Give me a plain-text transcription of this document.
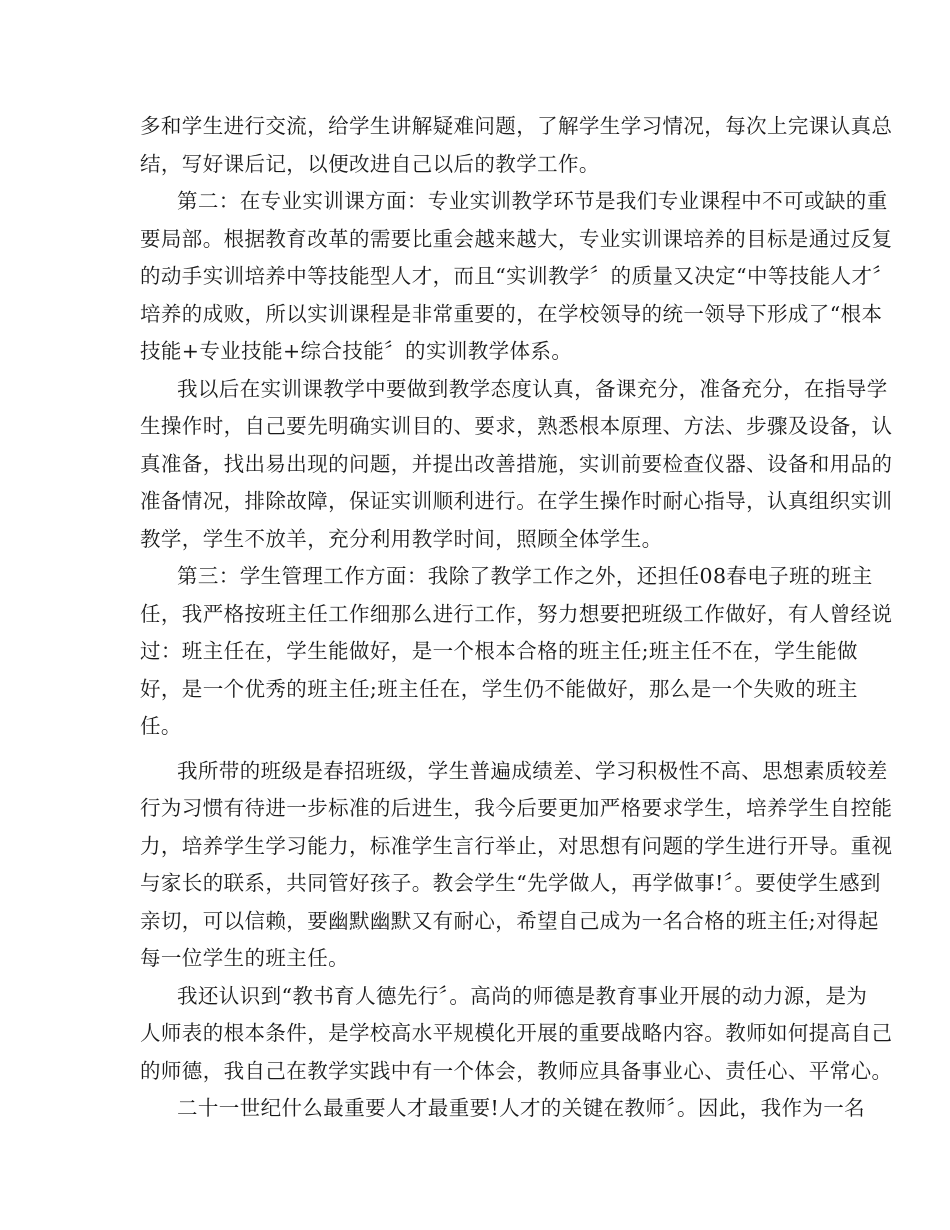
多和学生进行交流，给学生讲解疑难问题，了解学生学习情况，每次上完课认真总
结，写好课后记，以便改进自己以后的教学工作。
第二：在专业实训课方面：专业实训教学环节是我们专业课程中不可或缺的重
要局部。根据教育改革的需要比重会越来越大，专业实训课培养的目标是通过反复
的动手实训培养中等技能型人才，而且“实训教学〞的质量又决定“中等技能人才〞
培养的成败，所以实训课程是非常重要的，在学校领导的统一领导下形成了“根本
技能+专业技能+综合技能〞的实训教学体系。
我以后在实训课教学中要做到教学态度认真，备课充分，准备充分，在指导学
生操作时，自己要先明确实训目的、要求，熟悉根本原理、方法、步骤及设备，认
真准备，找出易出现的问题，并提出改善措施，实训前要检查仪器、设备和用品的
准备情况，排除故障，保证实训顺利进行。在学生操作时耐心指导，认真组织实训
教学，学生不放羊，充分利用教学时间，照顾全体学生。
第三：学生管理工作方面：我除了教学工作之外，还担任08春电子班的班主
任，我严格按班主任工作细那么进行工作，努力想要把班级工作做好，有人曾经说
过：班主任在，学生能做好，是一个根本合格的班主任;班主任不在，学生能做
好，是一个优秀的班主任;班主任在，学生仍不能做好，那么是一个失败的班主
任。
我所带的班级是春招班级，学生普遍成绩差、学习积极性不高、思想素质较差
行为习惯有待进一步标准的后进生，我今后要更加严格要求学生，培养学生自控能
力，培养学生学习能力，标准学生言行举止，对思想有问题的学生进行开导。重视
与家长的联系，共同管好孩子。教会学生“先学做人，再学做事!〞。要使学生感到
亲切，可以信赖，要幽默幽默又有耐心，希望自己成为一名合格的班主任;对得起
每一位学生的班主任。
我还认识到“教书育人德先行〞。高尚的师德是教育事业开展的动力源，是为
人师表的根本条件，是学校高水平规模化开展的重要战略内容。教师如何提高自己
的师德，我自己在教学实践中有一个体会，教师应具备事业心、责任心、平常心。
二十一世纪什么最重要人才最重要!人才的关键在教师〞。因此，我作为一名
